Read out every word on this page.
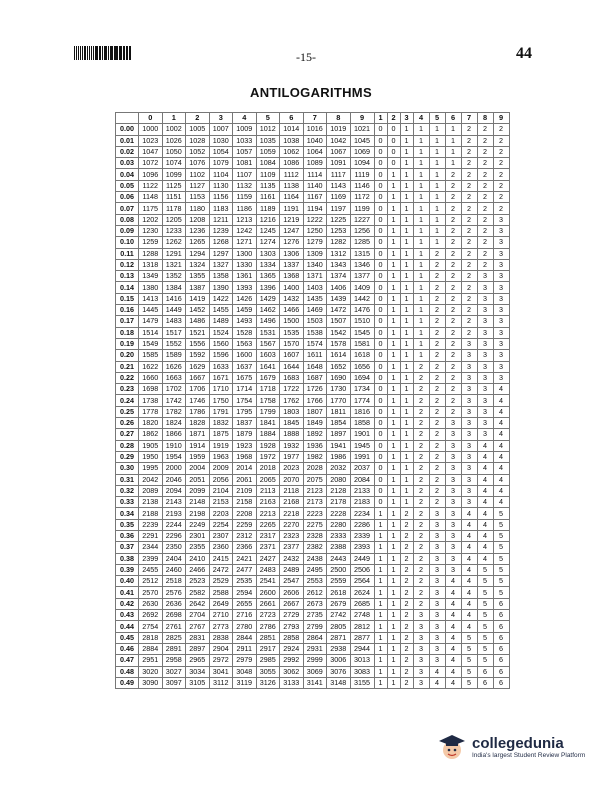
-15-	44
ANTILOGARITHMS
	0	1	2	3	4	5	6	7	8	9	1	2	3	4	5	6	7	8	9
0.00	1000	1002	1005	1007	1009	1012	1014	1016	1019	1021	0	0	1	1	1	1	2	2	2
0.01	1023	1026	1028	1030	1033	1035	1038	1040	1042	1045	0	0	1	1	1	1	2	2	2
0.02	1047	1050	1052	1054	1057	1059	1062	1064	1067	1069	0	0	1	1	1	1	2	2	2
0.03	1072	1074	1076	1079	1081	1084	1086	1089	1091	1094	0	0	1	1	1	1	2	2	2
0.04	1096	1099	1102	1104	1107	1109	1112	1114	1117	1119	0	1	1	1	1	2	2	2	2
0.05	1122	1125	1127	1130	1132	1135	1138	1140	1143	1146	0	1	1	1	1	2	2	2	2
0.06	1148	1151	1153	1156	1159	1161	1164	1167	1169	1172	0	1	1	1	1	2	2	2	2
0.07	1175	1178	1180	1183	1186	1189	1191	1194	1197	1199	0	1	1	1	1	2	2	2	2
0.08	1202	1205	1208	1211	1213	1216	1219	1222	1225	1227	0	1	1	1	1	2	2	2	3
0.09	1230	1233	1236	1239	1242	1245	1247	1250	1253	1256	0	1	1	1	1	2	2	2	3
0.10	1259	1262	1265	1268	1271	1274	1276	1279	1282	1285	0	1	1	1	1	2	2	2	3
0.11	1288	1291	1294	1297	1300	1303	1306	1309	1312	1315	0	1	1	1	2	2	2	2	3
0.12	1318	1321	1324	1327	1330	1334	1337	1340	1343	1346	0	1	1	1	2	2	2	2	3
0.13	1349	1352	1355	1358	1361	1365	1368	1371	1374	1377	0	1	1	1	2	2	2	3	3
0.14	1380	1384	1387	1390	1393	1396	1400	1403	1406	1409	0	1	1	1	2	2	2	3	3
0.15	1413	1416	1419	1422	1426	1429	1432	1435	1439	1442	0	1	1	1	2	2	2	3	3
0.16	1445	1449	1452	1455	1459	1462	1466	1469	1472	1476	0	1	1	1	2	2	2	3	3
0.17	1479	1483	1486	1489	1493	1496	1500	1503	1507	1510	0	1	1	1	2	2	2	3	3
0.18	1514	1517	1521	1524	1528	1531	1535	1538	1542	1545	0	1	1	1	2	2	2	3	3
0.19	1549	1552	1556	1560	1563	1567	1570	1574	1578	1581	0	1	1	1	2	2	3	3	3
0.20	1585	1589	1592	1596	1600	1603	1607	1611	1614	1618	0	1	1	1	2	2	3	3	3
0.21	1622	1626	1629	1633	1637	1641	1644	1648	1652	1656	0	1	1	2	2	2	3	3	3
0.22	1660	1663	1667	1671	1675	1679	1683	1687	1690	1694	0	1	1	2	2	2	3	3	3
0.23	1698	1702	1706	1710	1714	1718	1722	1726	1730	1734	0	1	1	2	2	2	3	3	4
0.24	1738	1742	1746	1750	1754	1758	1762	1766	1770	1774	0	1	1	2	2	2	3	3	4
0.25	1778	1782	1786	1791	1795	1799	1803	1807	1811	1816	0	1	1	2	2	2	3	3	4
0.26	1820	1824	1828	1832	1837	1841	1845	1849	1854	1858	0	1	1	2	2	3	3	3	4
0.27	1862	1866	1871	1875	1879	1884	1888	1892	1897	1901	0	1	1	2	2	3	3	3	4
0.28	1905	1910	1914	1919	1923	1928	1932	1936	1941	1945	0	1	1	2	2	3	3	4	4
0.29	1950	1954	1959	1963	1968	1972	1977	1982	1986	1991	0	1	1	2	2	3	3	4	4
0.30	1995	2000	2004	2009	2014	2018	2023	2028	2032	2037	0	1	1	2	2	3	3	4	4
0.31	2042	2046	2051	2056	2061	2065	2070	2075	2080	2084	0	1	1	2	2	3	3	4	4
0.32	2089	2094	2099	2104	2109	2113	2118	2123	2128	2133	0	1	1	2	2	3	3	4	4
0.33	2138	2143	2148	2153	2158	2163	2168	2173	2178	2183	0	1	1	2	2	3	3	4	4
0.34	2188	2193	2198	2203	2208	2213	2218	2223	2228	2234	1	1	2	2	3	3	4	4	5
0.35	2239	2244	2249	2254	2259	2265	2270	2275	2280	2286	1	1	2	2	3	3	4	4	5
0.36	2291	2296	2301	2307	2312	2317	2323	2328	2333	2339	1	1	2	2	3	3	4	4	5
0.37	2344	2350	2355	2360	2366	2371	2377	2382	2388	2393	1	1	2	2	3	3	4	4	5
0.38	2399	2404	2410	2415	2421	2427	2432	2438	2443	2449	1	1	2	2	3	3	4	4	5
0.39	2455	2460	2466	2472	2477	2483	2489	2495	2500	2506	1	1	2	2	3	3	4	5	5
0.40	2512	2518	2523	2529	2535	2541	2547	2553	2559	2564	1	1	2	2	3	4	4	5	5
0.41	2570	2576	2582	2588	2594	2600	2606	2612	2618	2624	1	1	2	2	3	4	4	5	5
0.42	2630	2636	2642	2649	2655	2661	2667	2673	2679	2685	1	1	2	2	3	4	4	5	6
0.43	2692	2698	2704	2710	2716	2723	2729	2735	2742	2748	1	1	2	3	3	4	4	5	6
0.44	2754	2761	2767	2773	2780	2786	2793	2799	2805	2812	1	1	2	3	3	4	4	5	6
0.45	2818	2825	2831	2838	2844	2851	2858	2864	2871	2877	1	1	2	3	3	4	5	5	6
0.46	2884	2891	2897	2904	2911	2917	2924	2931	2938	2944	1	1	2	3	3	4	5	5	6
0.47	2951	2958	2965	2972	2979	2985	2992	2999	3006	3013	1	1	2	3	3	4	5	5	6
0.48	3020	3027	3034	3041	3048	3055	3062	3069	3076	3083	1	1	2	3	4	4	5	6	6
0.49	3090	3097	3105	3112	3119	3126	3133	3141	3148	3155	1	1	2	3	4	4	5	6	6
collegedunia
India's largest Student Review Platform
